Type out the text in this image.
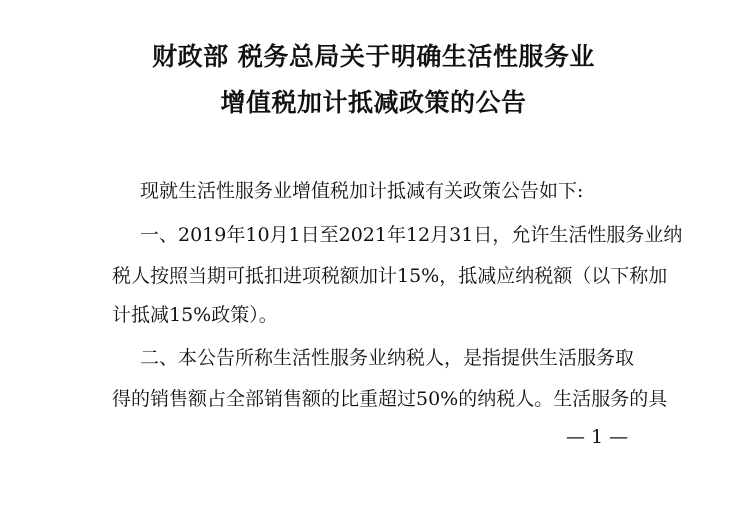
财政部 税务总局关于明确生活性服务业
增值税加计抵减政策的公告
现就生活性服务业增值税加计抵减有关政策公告如下:
一、2019年10月1日至2021年12月31日，允许生活性服务业纳
税人按照当期可抵扣进项税额加计15%，抵减应纳税额（以下称加
计抵减15%政策）。
二、本公告所称生活性服务业纳税人，是指提供生活服务取
得的销售额占全部销售额的比重超过50%的纳税人。生活服务的具
— 1 —
